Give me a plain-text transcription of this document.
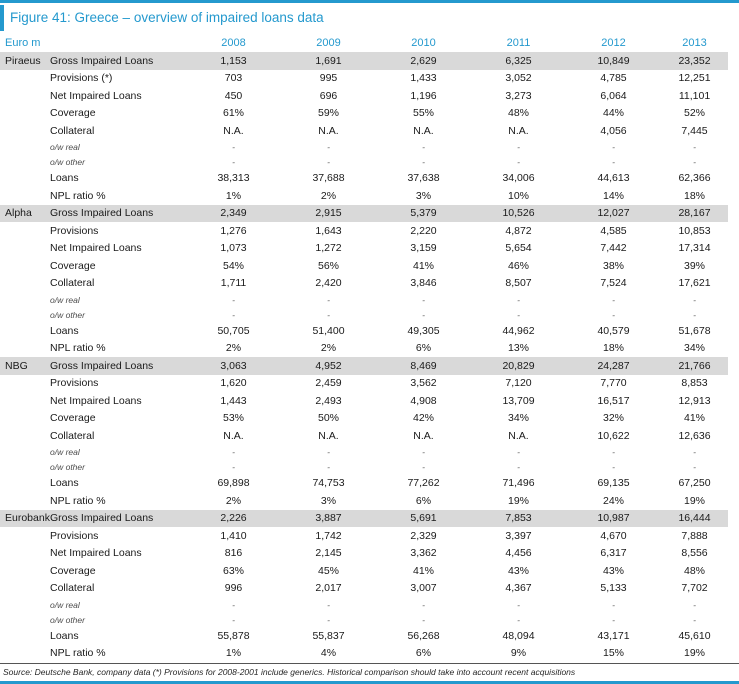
Figure 41: Greece – overview of impaired loans data
Euro m		2008	2009	2010	2011	2012	2013
Piraeus	Gross Impaired Loans	1,153	1,691	2,629	6,325	10,849	23,352
	Provisions (*)	703	995	1,433	3,052	4,785	12,251
	Net Impaired Loans	450	696	1,196	3,273	6,064	11,101
	Coverage	61%	59%	55%	48%	44%	52%
	Collateral	N.A.	N.A.	N.A.	N.A.	4,056	7,445
	o/w real	-	-	-	-	-	-
	o/w other	-	-	-	-	-	-
	Loans	38,313	37,688	37,638	34,006	44,613	62,366
	NPL ratio %	1%	2%	3%	10%	14%	18%
Alpha	Gross Impaired Loans	2,349	2,915	5,379	10,526	12,027	28,167
	Provisions	1,276	1,643	2,220	4,872	4,585	10,853
	Net Impaired Loans	1,073	1,272	3,159	5,654	7,442	17,314
	Coverage	54%	56%	41%	46%	38%	39%
	Collateral	1,711	2,420	3,846	8,507	7,524	17,621
	o/w real	-	-	-	-	-	-
	o/w other	-	-	-	-	-	-
	Loans	50,705	51,400	49,305	44,962	40,579	51,678
	NPL ratio %	2%	2%	6%	13%	18%	34%
NBG	Gross Impaired Loans	3,063	4,952	8,469	20,829	24,287	21,766
	Provisions	1,620	2,459	3,562	7,120	7,770	8,853
	Net Impaired Loans	1,443	2,493	4,908	13,709	16,517	12,913
	Coverage	53%	50%	42%	34%	32%	41%
	Collateral	N.A.	N.A.	N.A.	N.A.	10,622	12,636
	o/w real	-	-	-	-	-	-
	o/w other	-	-	-	-	-	-
	Loans	69,898	74,753	77,262	71,496	69,135	67,250
	NPL ratio %	2%	3%	6%	19%	24%	19%
Eurobank	Gross Impaired Loans	2,226	3,887	5,691	7,853	10,987	16,444
	Provisions	1,410	1,742	2,329	3,397	4,670	7,888
	Net Impaired Loans	816	2,145	3,362	4,456	6,317	8,556
	Coverage	63%	45%	41%	43%	43%	48%
	Collateral	996	2,017	3,007	4,367	5,133	7,702
	o/w real	-	-	-	-	-	-
	o/w other	-	-	-	-	-	-
	Loans	55,878	55,837	56,268	48,094	43,171	45,610
	NPL ratio %	1%	4%	6%	9%	15%	19%
Source: Deutsche Bank, company data (*) Provisions for 2008-2001 include generics. Historical comparison should take into account recent acquisitions
